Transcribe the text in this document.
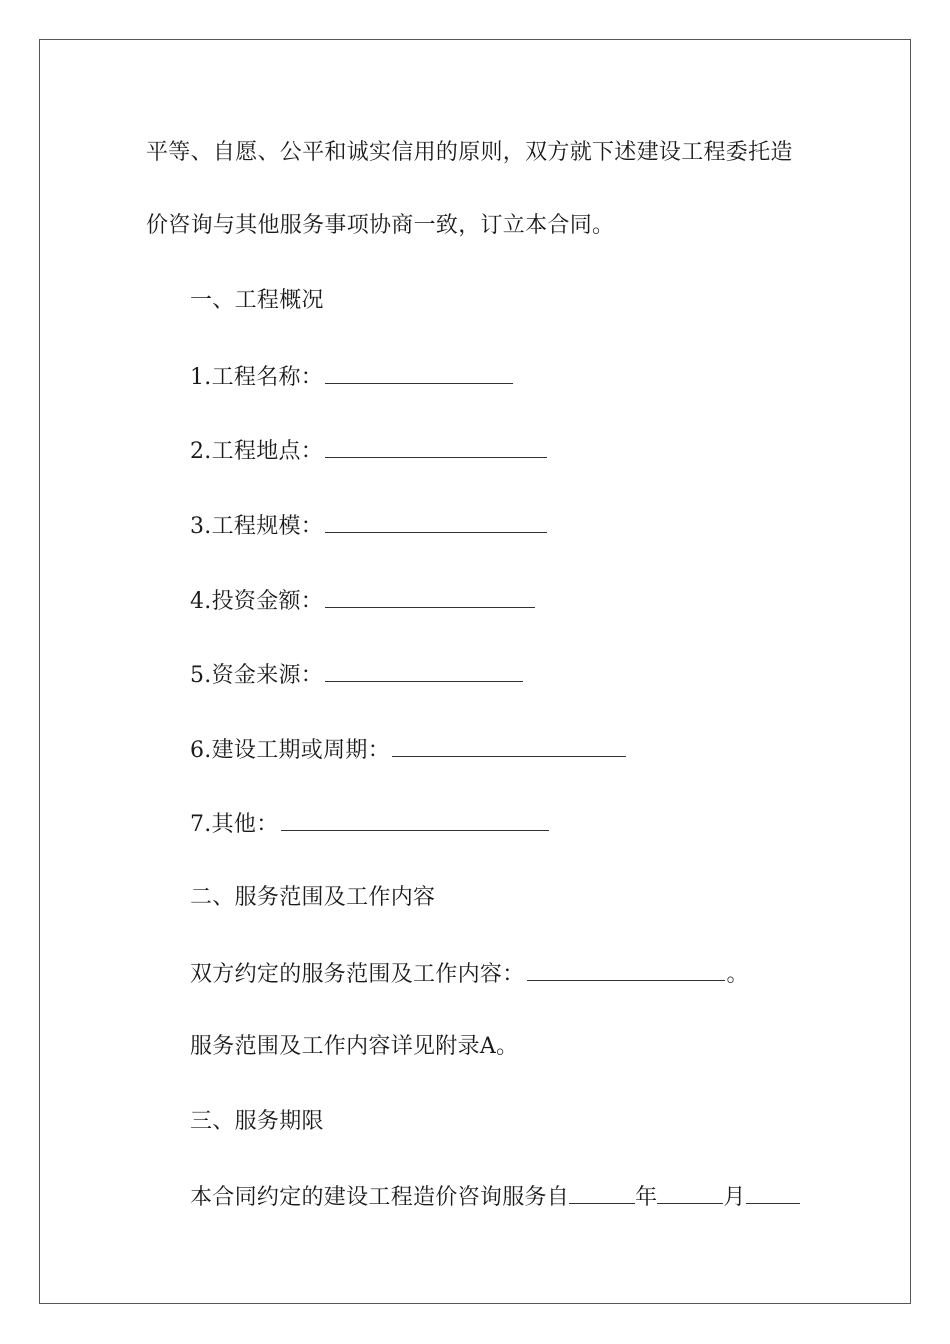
平等、自愿、公平和诚实信用的原则，双方就下述建设工程委托造
价咨询与其他服务事项协商一致，订立本合同。
一、工程概况
1.工程名称：
2.工程地点：
3.工程规模：
4.投资金额：
5.资金来源：
6.建设工期或周期：
7.其他：
二、服务范围及工作内容
双方约定的服务范围及工作内容：	。
服务范围及工作内容详见附录A。
三、服务期限
本合同约定的建设工程造价咨询服务自	年	月
